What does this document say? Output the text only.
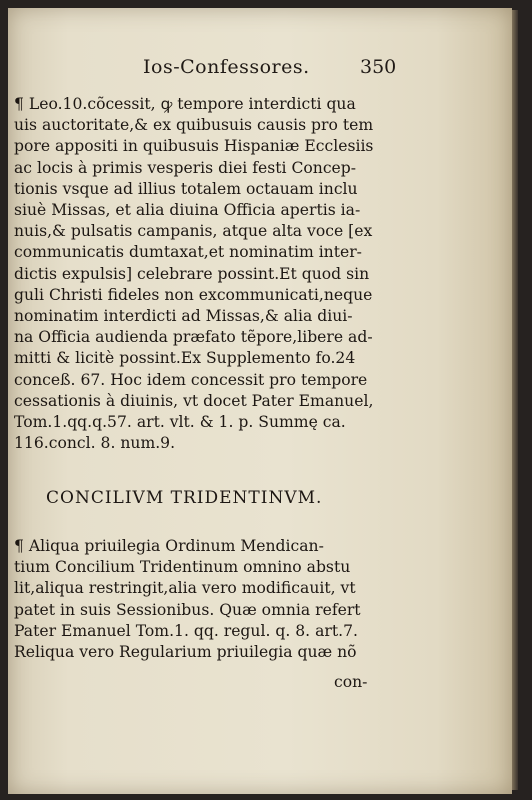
Ios-Confessores.	350
¶ Leo.10.cõcessit, ꝙ tempore interdicti qua
uis auctoritate,& ex quibusuis causis pro tem
pore appositi in quibusuis Hispaniæ Ecclesiis
ac locis à primis vesperis diei festi Concep-
tionis vsque ad illius totalem octauam inclu
siuè Missas, et alia diuina Officia apertis ia-
nuis,& pulsatis campanis, atque alta voce [ex
communicatis dumtaxat,et nominatim inter-
dictis expulsis] celebrare possint.Et quod sin
guli Christi fideles non excommunicati,neque
nominatim interdicti ad Missas,& alia diui-
na Officia audienda præfato tẽpore,libere ad-
mitti & licitè possint.Ex Supplemento fo.24
conceß. 67. Hoc idem concessit pro tempore
cessationis à diuinis, vt docet Pater Emanuel,
Tom.1.qq.q.57. art. vlt. & 1. p. Summę ca.
116.concl. 8. num.9.
CONCILIVM TRIDENTINVM.
¶ Aliqua priuilegia Ordinum Mendican-
tium Concilium Tridentinum omnino abstu
lit,aliqua restringit,alia vero modificauit, vt
patet in suis Sessionibus. Quæ omnia refert
Pater Emanuel Tom.1. qq. regul. q. 8. art.7.
Reliqua vero Regularium priuilegia quæ nõ
con-
